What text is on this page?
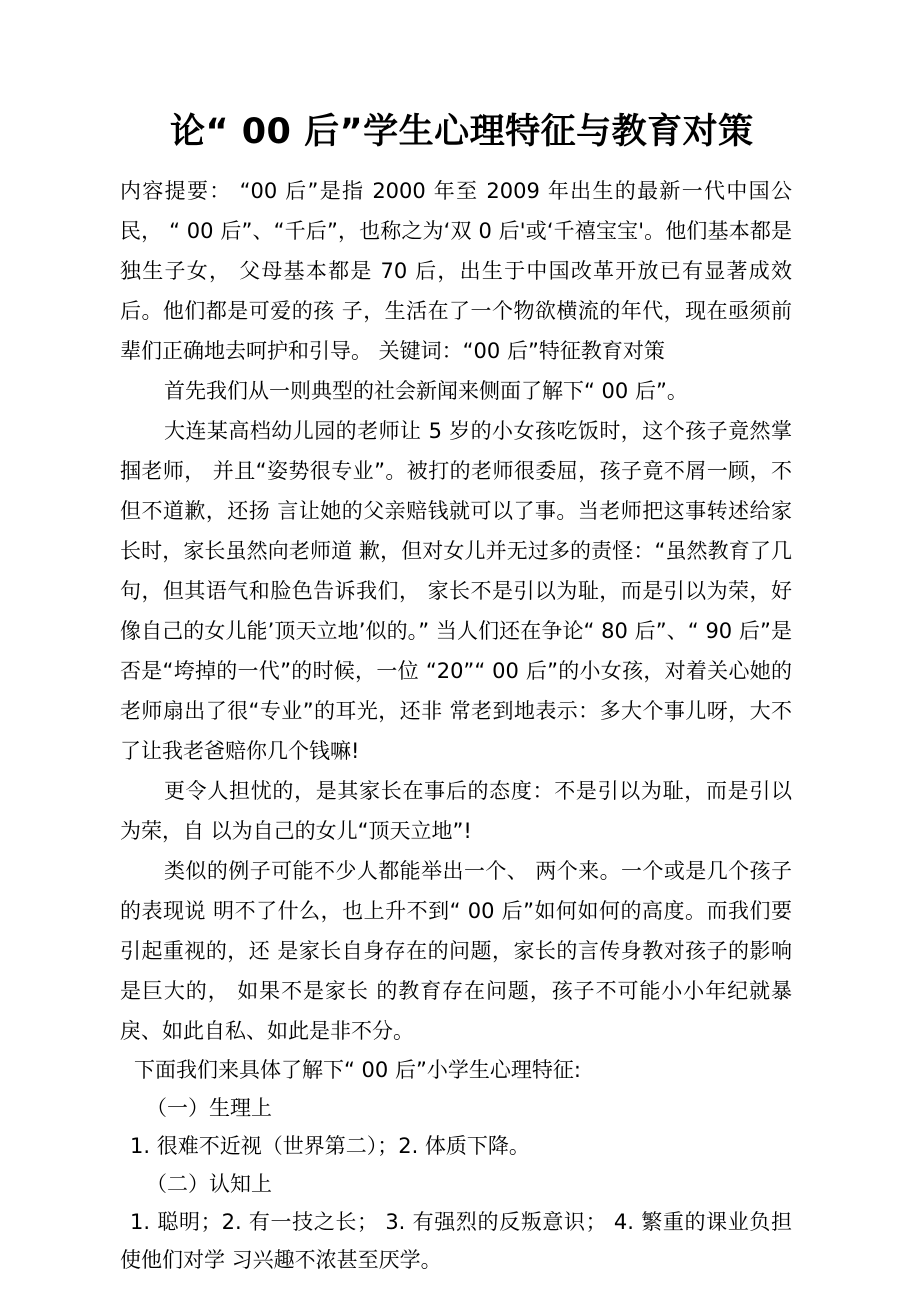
论“ 00 后”学生心理特征与教育对策

内容提要： “00 后”是指 2000 年至 2009 年出生的最新一代中国公民， “ 00 后”、“千后”，也称之为‘双 0 后'或‘千禧宝宝'。他们基本都是独生子女， 父母基本都是 70 后，出生于中国改革开放已有显著成效后。他们都是可爱的孩 子，生活在了一个物欲横流的年代，现在亟须前辈们正确地去呵护和引导。 关键词：“00 后”特征教育对策

首先我们从一则典型的社会新闻来侧面了解下“ 00 后”。

大连某高档幼儿园的老师让 5 岁的小女孩吃饭时，这个孩子竟然掌掴老师， 并且“姿势很专业”。被打的老师很委屈，孩子竟不屑一顾，不但不道歉，还扬 言让她的父亲赔钱就可以了事。当老师把这事转述给家长时，家长虽然向老师道 歉，但对女儿并无过多的责怪：“虽然教育了几句，但其语气和脸色告诉我们， 家长不是引以为耻，而是引以为荣，好像自己的女儿能’顶天立地’似的。” 当人们还在争论“ 80 后”、“ 90 后”是否是“垮掉的一代”的时候，一位 “20”“ 00 后”的小女孩，对着关心她的老师扇出了很“专业”的耳光，还非 常老到地表示：多大个事儿呀，大不了让我老爸赔你几个钱嘛!

更令人担忧的，是其家长在事后的态度：不是引以为耻，而是引以为荣，自 以为自己的女儿“顶天立地”!

类似的例子可能不少人都能举出一个、 两个来。一个或是几个孩子的表现说 明不了什么，也上升不到“ 00 后”如何如何的高度。而我们要引起重视的，还 是家长自身存在的问题，家长的言传身教对孩子的影响是巨大的， 如果不是家长 的教育存在问题，孩子不可能小小年纪就暴戾、如此自私、如此是非不分。

下面我们来具体了解下“ 00 后”小学生心理特征:

（一）生理上

1. 很难不近视（世界第二）；2. 体质下降。

（二）认知上

1. 聪明；2. 有一技之长； 3. 有强烈的反叛意识； 4. 繁重的课业负担使他们对学 习兴趣不浓甚至厌学。
